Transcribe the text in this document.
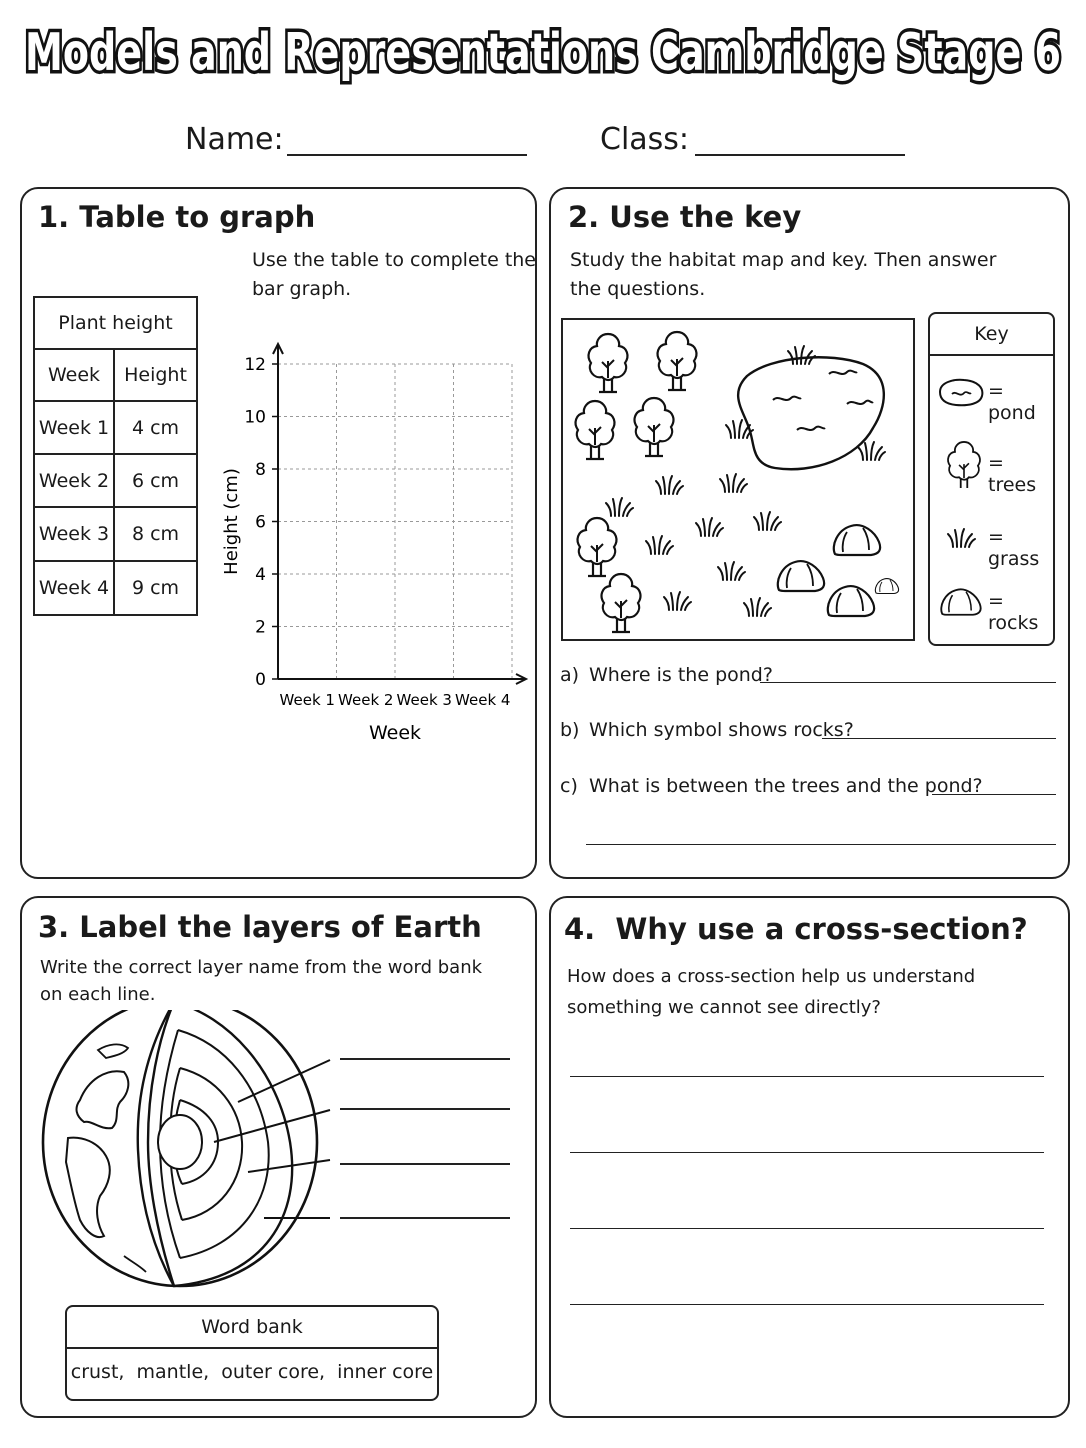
Models and Representations Cambridge Stage 6
Name:	Class:
1. Table to graph
Use the table to complete the
bar graph.
Plant height	
Week	Height
Week 1	4 cm
Week 2	6 cm
Week 3	8 cm
Week 4	9 cm
0
2
4
6
8
10
12
Week 1 Week 2 Week 3 Week 4
Week
Height (cm)
2. Use the key
Study the habitat map and key. Then answer
the questions.
Key
= pond
= trees
= grass
= rocks
a) Where is the pond?
b) Which symbol shows rocks?
c) What is between the trees and the pond?
3. Label the layers of Earth
Write the correct layer name from the word bank
on each line.
Word bank
crust,  mantle,  outer core,  inner core
4.  Why use a cross-section?
How does a cross-section help us understand
something we cannot see directly?
